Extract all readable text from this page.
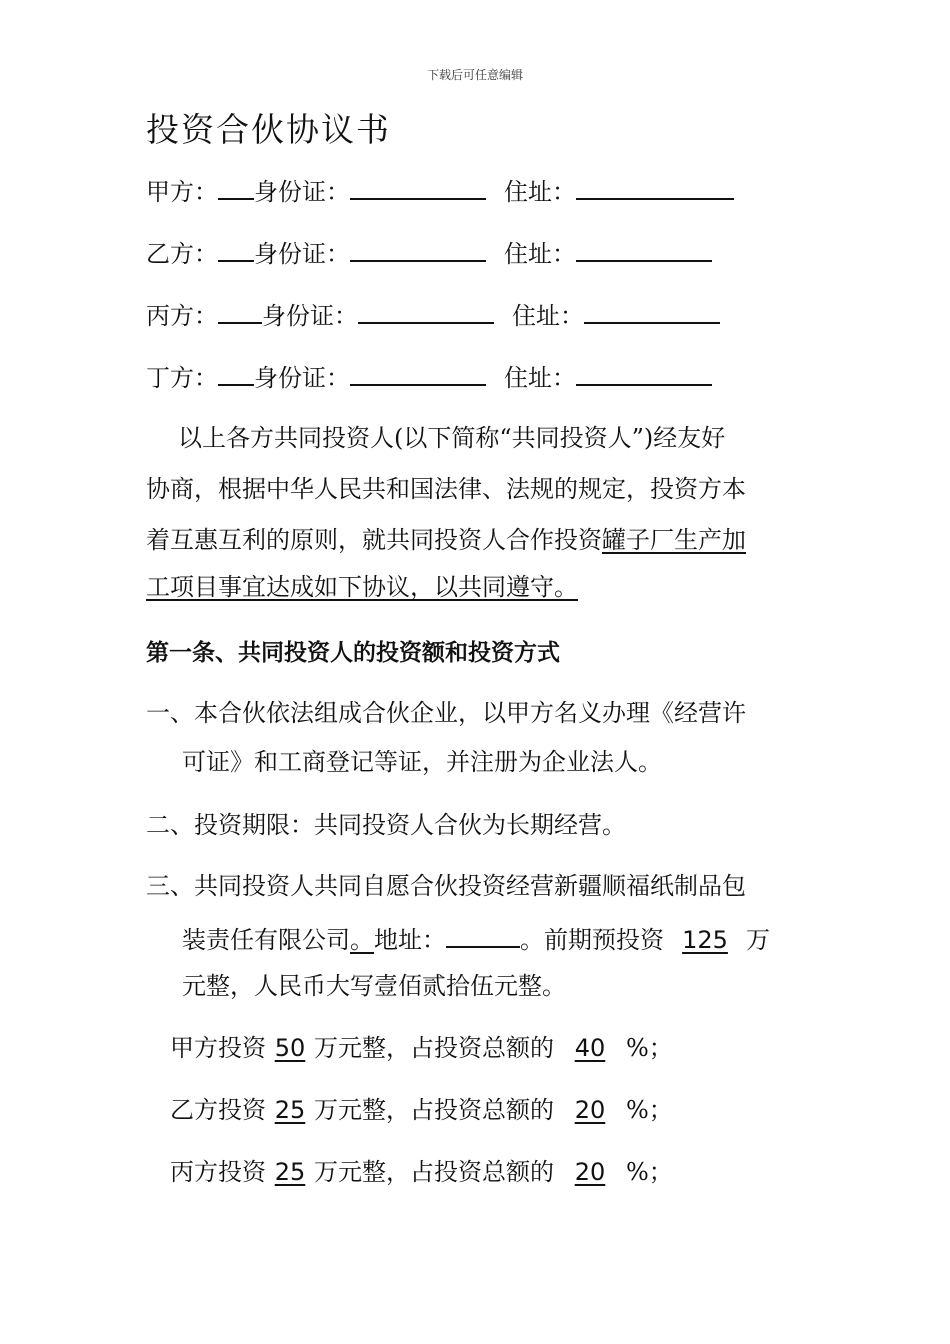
下载后可任意编辑
投资合伙协议书
甲方： 身份证：	住址：
乙方： 身份证：	住址：
丙方： 身份证：	住址：
丁方： 身份证：	住址：
以上各方共同投资人(以下简称“共同投资人”)经友好
协商，根据中华人民共和国法律、法规的规定，投资方本
着互惠互利的原则，就共同投资人合作投资罐子厂生产加
工项目事宜达成如下协议，以共同遵守。
第一条、共同投资人的投资额和投资方式
一、本合伙依法组成合伙企业，以甲方名义办理《经营许
可证》和工商登记等证，并注册为企业法人。
二、投资期限：共同投资人合伙为长期经营。
三、共同投资人共同自愿合伙投资经营新疆顺福纸制品包
装责任有限公司。地址：	。前期预投资 125 万
元整，人民币大写壹佰贰拾伍元整。
甲方投资 50 万元整，占投资总额的 40 %；
乙方投资 25 万元整，占投资总额的 20 %；
丙方投资 25 万元整，占投资总额的 20 %；
